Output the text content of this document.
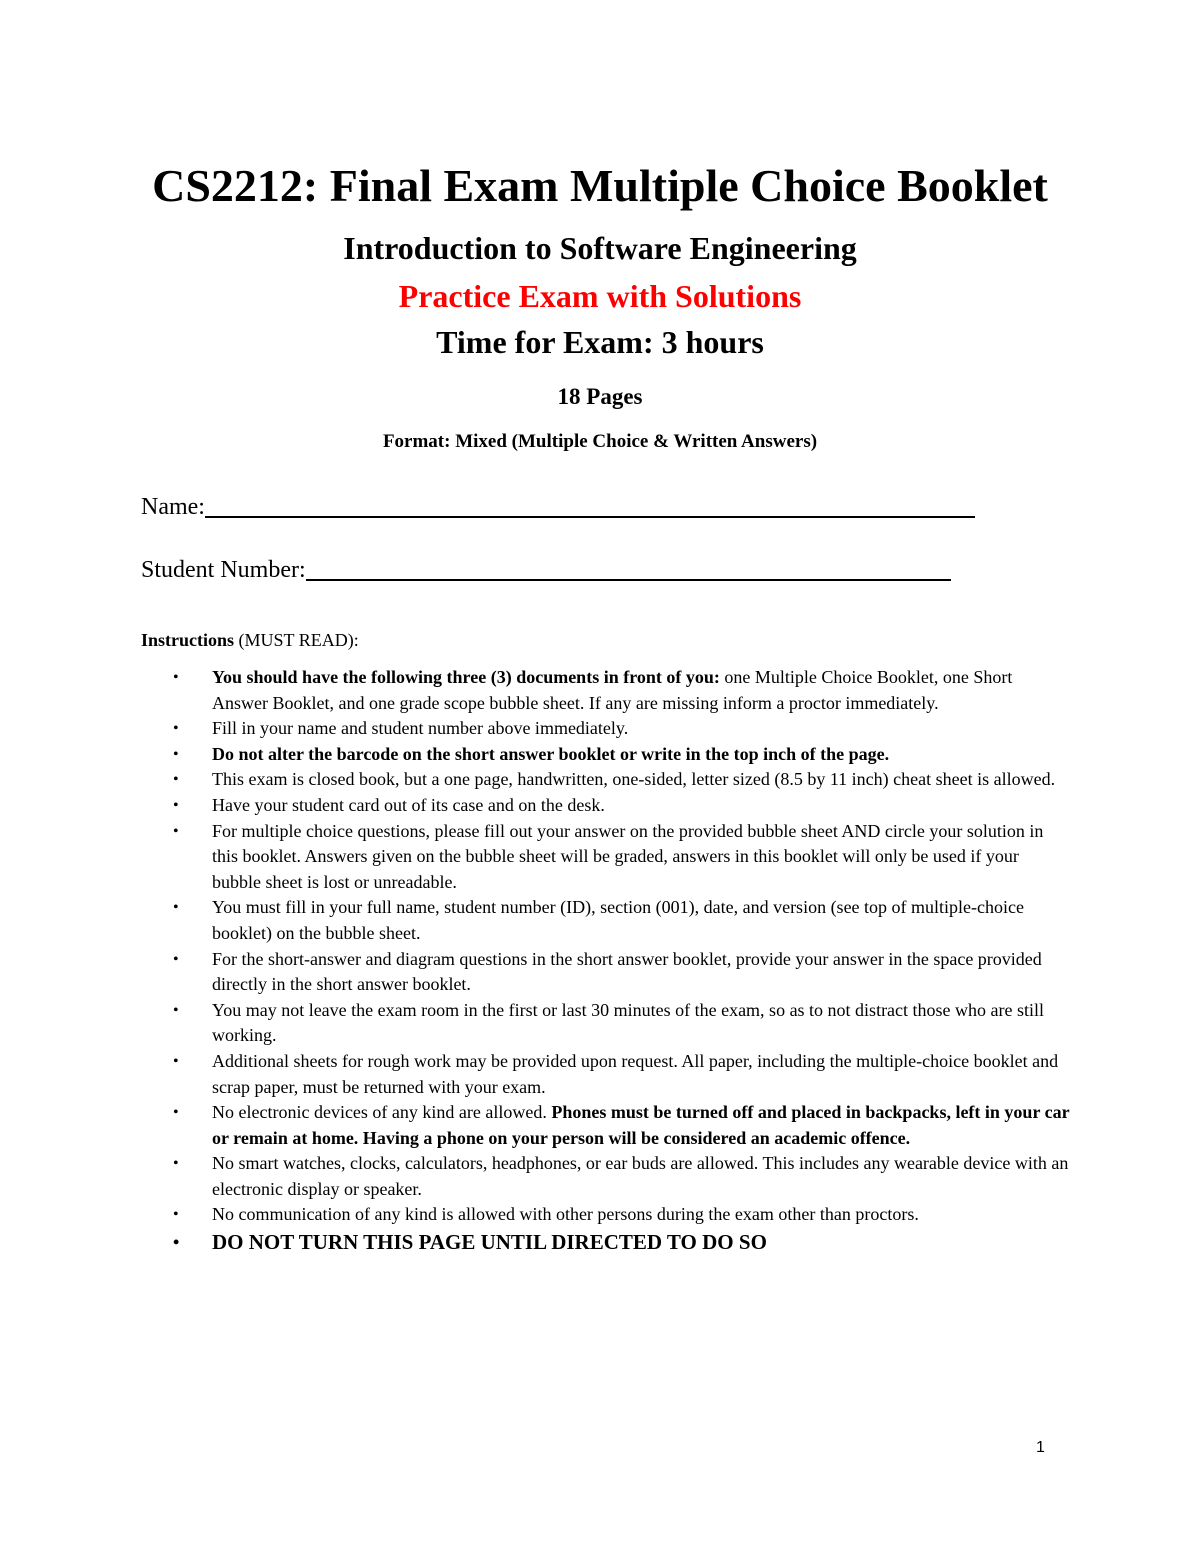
CS2212: Final Exam Multiple Choice Booklet
Introduction to Software Engineering
Practice Exam with Solutions
Time for Exam: 3 hours
18 Pages
Format: Mixed (Multiple Choice & Written Answers)
Name:
Student Number:
Instructions (MUST READ):
• You should have the following three (3) documents in front of you: one Multiple Choice Booklet, one Short Answer Booklet, and one grade scope bubble sheet. If any are missing inform a proctor immediately.
• Fill in your name and student number above immediately.
• Do not alter the barcode on the short answer booklet or write in the top inch of the page.
• This exam is closed book, but a one page, handwritten, one-sided, letter sized (8.5 by 11 inch) cheat sheet is allowed.
• Have your student card out of its case and on the desk.
• For multiple choice questions, please fill out your answer on the provided bubble sheet AND circle your solution in this booklet. Answers given on the bubble sheet will be graded, answers in this booklet will only be used if your bubble sheet is lost or unreadable.
• You must fill in your full name, student number (ID), section (001), date, and version (see top of multiple-choice booklet) on the bubble sheet.
• For the short-answer and diagram questions in the short answer booklet, provide your answer in the space provided directly in the short answer booklet.
• You may not leave the exam room in the first or last 30 minutes of the exam, so as to not distract those who are still working.
• Additional sheets for rough work may be provided upon request. All paper, including the multiple-choice booklet and scrap paper, must be returned with your exam.
• No electronic devices of any kind are allowed. Phones must be turned off and placed in backpacks, left in your car or remain at home. Having a phone on your person will be considered an academic offence.
• No smart watches, clocks, calculators, headphones, or ear buds are allowed. This includes any wearable device with an electronic display or speaker.
• No communication of any kind is allowed with other persons during the exam other than proctors.
• DO NOT TURN THIS PAGE UNTIL DIRECTED TO DO SO
1
